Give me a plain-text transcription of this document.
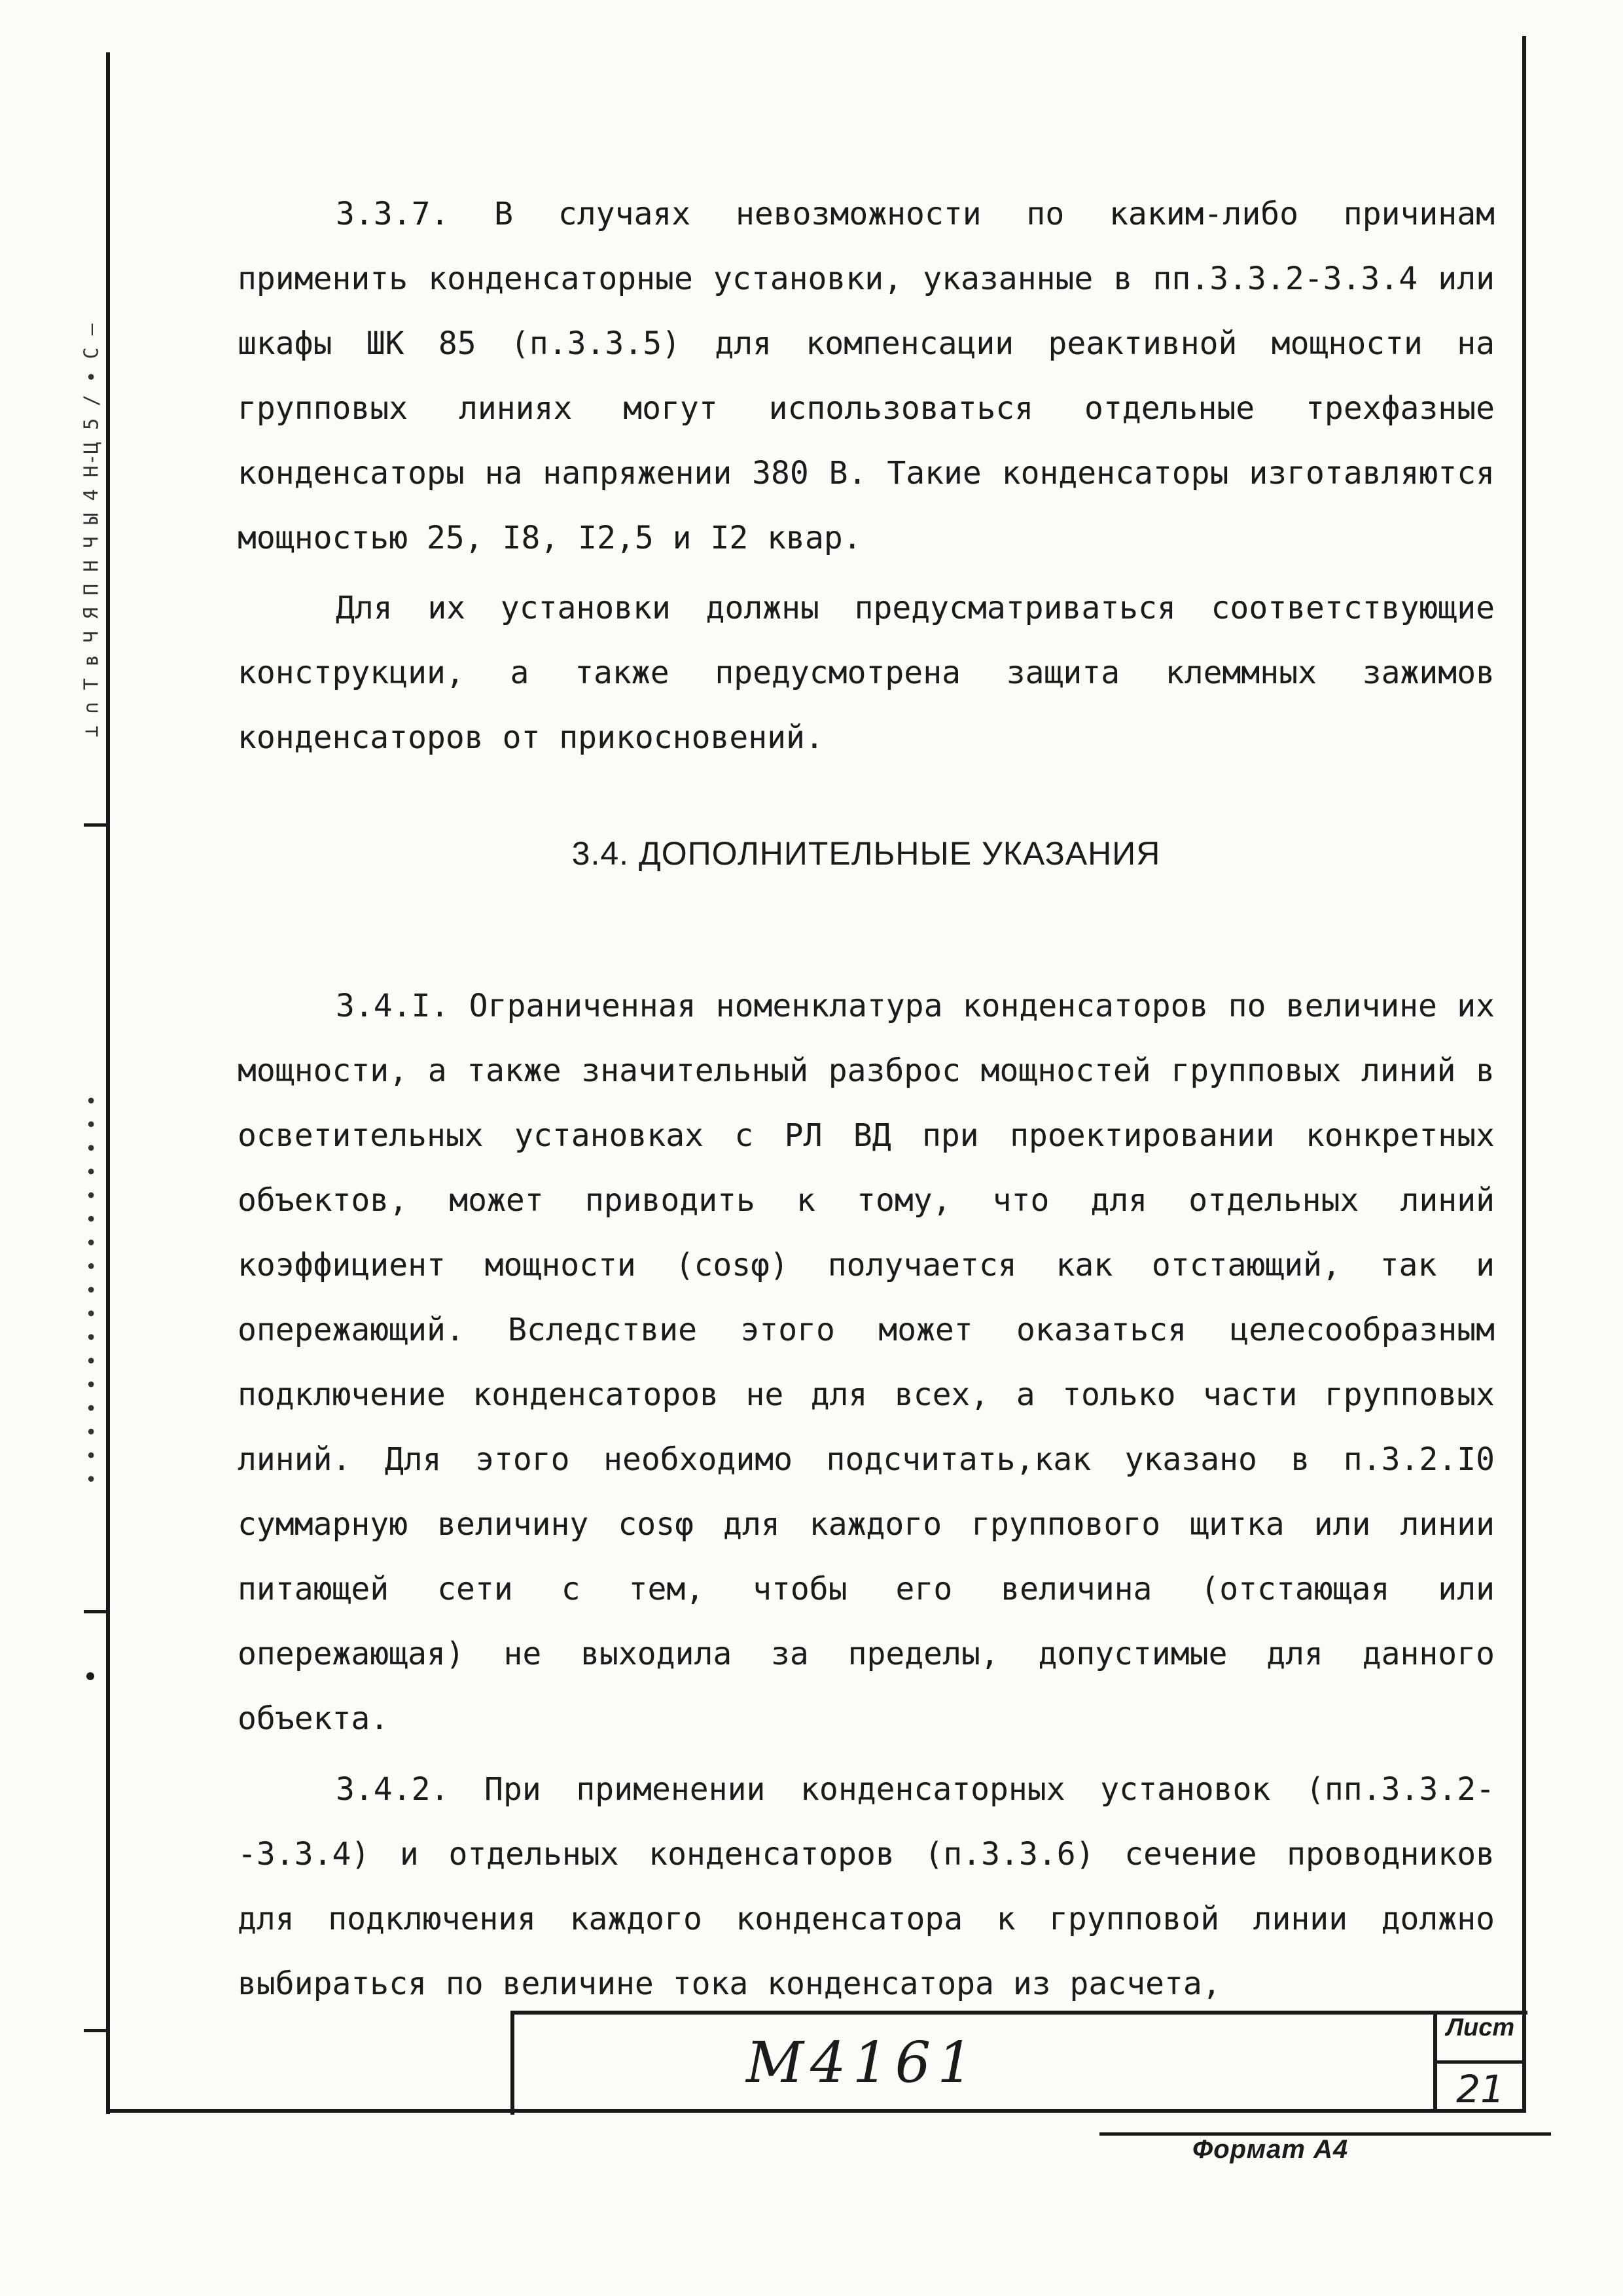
⊥ ∩ Т ʙ Ч Я П Н Ч Ы 4 Н-Ц 5 / ∙ С –
∙ ∙ ∙ ∙ ∙ ∙ ∙ ∙ ∙ ∙ ∙ ∙ ∙ ∙ ∙ ∙ ∙

3.3.7. В случаях невозможности по каким-либо причинам применить конденсаторные установки, указанные в пп.3.3.2-3.3.4 или шкафы ШК 85 (п.3.3.5) для компенсации реактивной мощности на групповых линиях могут использоваться отдельные трехфазные конденсаторы на напряжении 380 В. Такие конденсаторы изготавляются мощностью 25, I8, I2,5 и I2 квар.

Для их установки должны предусматриваться соответствующие конструкции, а также предусмотрена защита клеммных зажимов конденсаторов от прикосновений.

3.4. ДОПОЛНИТЕЛЬНЫЕ УКАЗАНИЯ

3.4.I. Ограниченная номенклатура конденсаторов по величине их мощности, а также значительный разброс мощностей групповых линий в осветительных установках с РЛ ВД при проектировании конкретных объектов, может приводить к тому, что для отдельных линий коэффициент мощности (cosφ) получается как отстающий, так и опережающий. Вследствие этого может оказаться целесообразным подключение конденсаторов не для всех, а только части групповых линий. Для этого необходимо подсчитать,как указано в п.3.2.I0 суммарную величину cosφ для каждого группового щитка или линии питающей сети с тем, чтобы его величина (отстающая или опережающая) не выходила за пределы, допустимые для данного объекта.

3.4.2. При применении конденсаторных установок (пп.3.3.2--3.3.4) и отдельных конденсаторов (п.3.3.6) сечение проводников для подключения каждого конденсатора к групповой линии должно выбираться по величине тока конденсатора из расчета,

М4161
Лист
21
Формат А4
